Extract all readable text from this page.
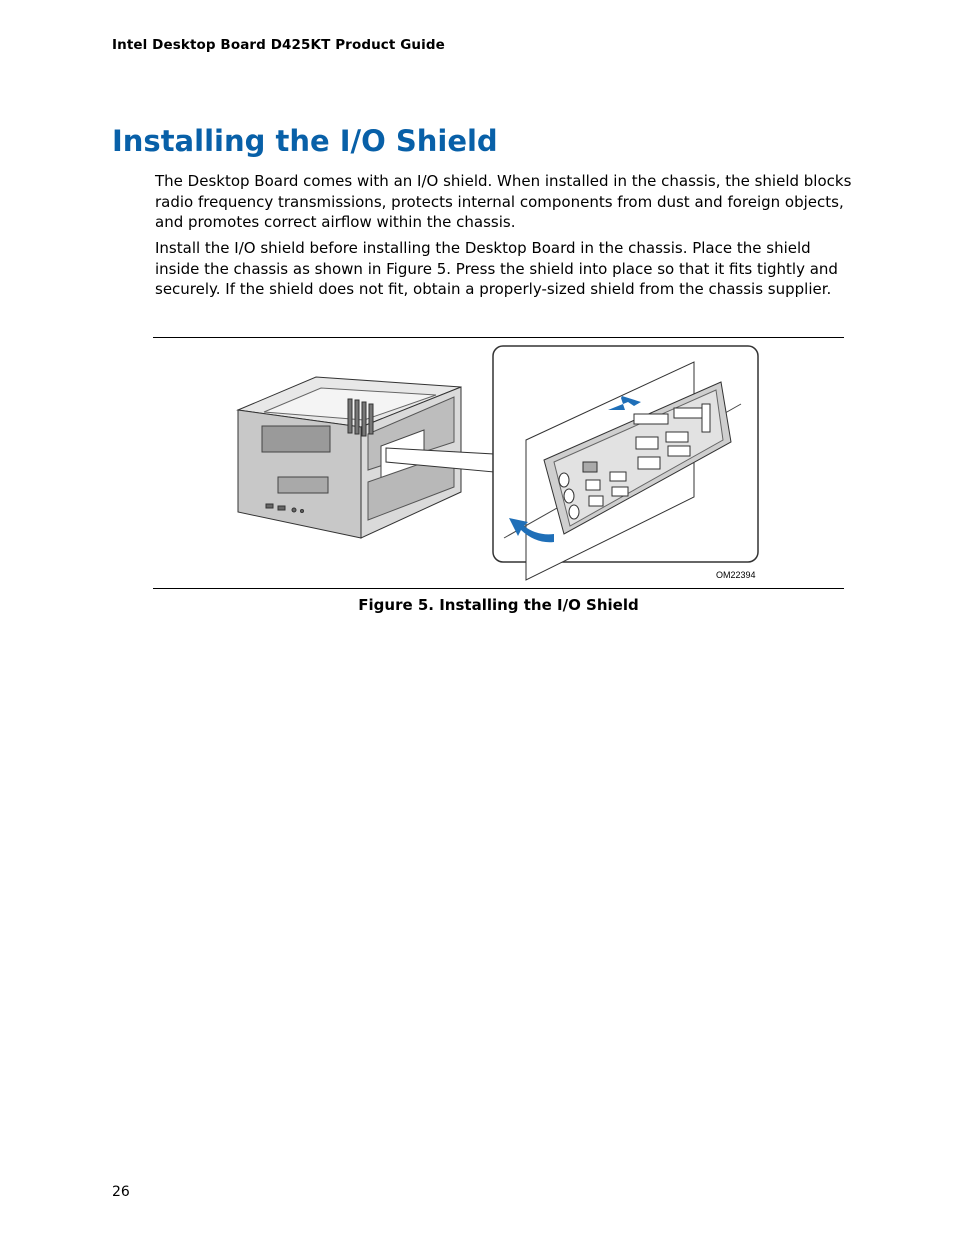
Intel Desktop Board D425KT Product Guide
Installing the I/O Shield

The Desktop Board comes with an I/O shield. When installed in the chassis, the shield blocks radio frequency transmissions, protects internal components from dust and foreign objects, and promotes correct airflow within the chassis.

Install the I/O shield before installing the Desktop Board in the chassis. Place the shield inside the chassis as shown in Figure 5. Press the shield into place so that it fits tightly and securely. If the shield does not fit, obtain a properly-sized shield from the chassis supplier.

OM22394
Figure 5. Installing the I/O Shield
26
